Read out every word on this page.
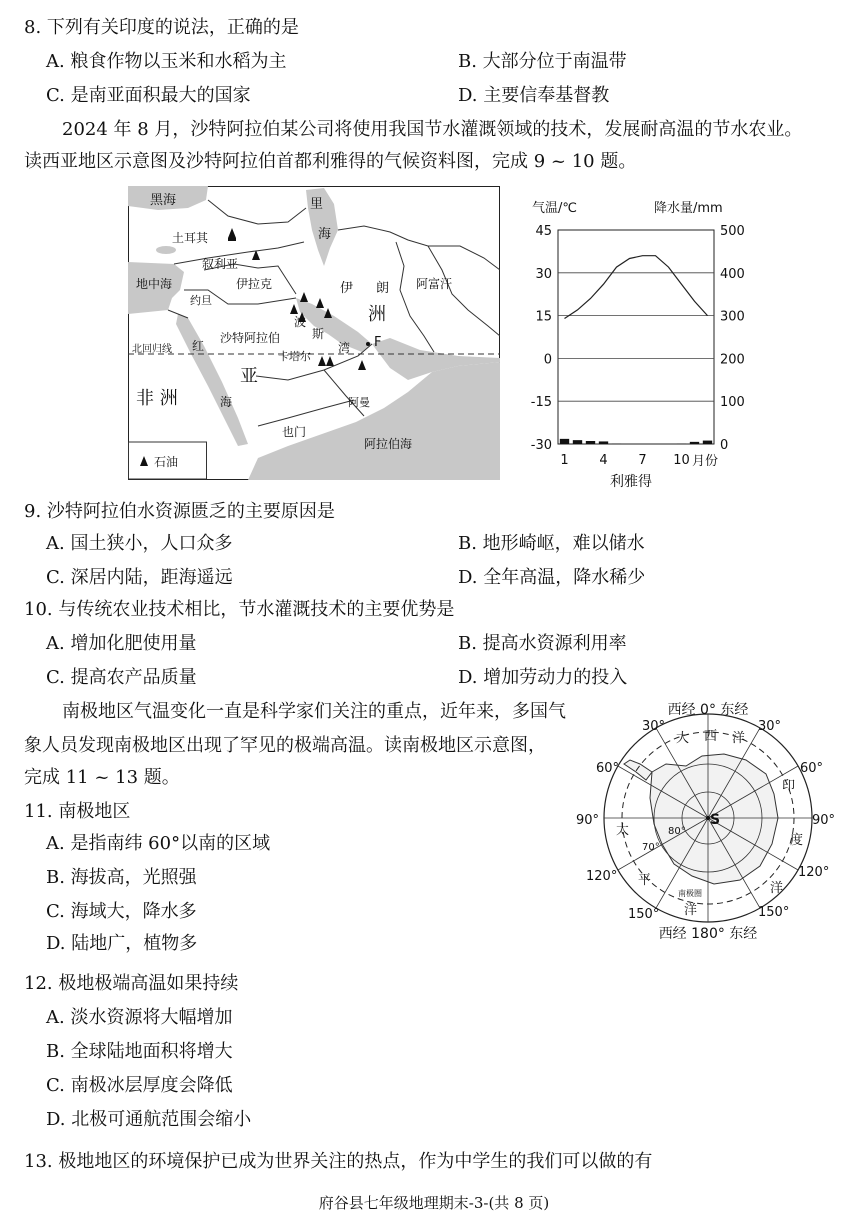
8. 下列有关印度的说法，正确的是
A. 粮食作物以玉米和水稻为主	B. 大部分位于南温带
C. 是南亚面积最大的国家	D. 主要信奉基督教
2024 年 8 月，沙特阿拉伯某公司将使用我国节水灌溉领域的技术，发展耐高温的节水农业。
读西亚地区示意图及沙特阿拉伯首都利雅得的气候资料图，完成 9 ~ 10 题。
黑海	里
海
土耳其
地中海
叙利亚
伊拉克	伊 朗 阿富汗
约旦
沙特阿拉伯
波
斯
湾
洲
亚
F
卡塔尔
红
海
北回归线
非 洲	阿曼
也门
阿拉伯海
石油
气温/℃	降水量/mm
45	500
30	400
15	300
0	200
-15	100
-30	0
1 4 7 10 月份
利雅得
9. 沙特阿拉伯水资源匮乏的主要原因是
A. 国土狭小，人口众多	B. 地形崎岖，难以储水
C. 深居内陆，距海遥远	D. 全年高温，降水稀少
10. 与传统农业技术相比，节水灌溉技术的主要优势是
A. 增加化肥使用量	B. 提高水资源利用率
C. 提高农产品质量	D. 增加劳动力的投入
南极地区气温变化一直是科学家们关注的重点，近年来，多国气
象人员发现南极地区出现了罕见的极端高温。读南极地区示意图，
完成 11 ~ 13 题。
西经 0° 东经
西经 180° 东经
30°	30°
60°	60°
90°	90°
120°	120°
150°	150°
大 西 洋
印
度
洋
太
平
洋
S
80°
70°
南极圈
11. 南极地区
A. 是指南纬 60°以南的区域
B. 海拔高，光照强
C. 海域大，降水多
D. 陆地广，植物多
12. 极地极端高温如果持续
A. 淡水资源将大幅增加
B. 全球陆地面积将增大
C. 南极冰层厚度会降低
D. 北极可通航范围会缩小
13. 极地地区的环境保护已成为世界关注的热点，作为中学生的我们可以做的有
府谷县七年级地理期末-3-(共 8 页)
